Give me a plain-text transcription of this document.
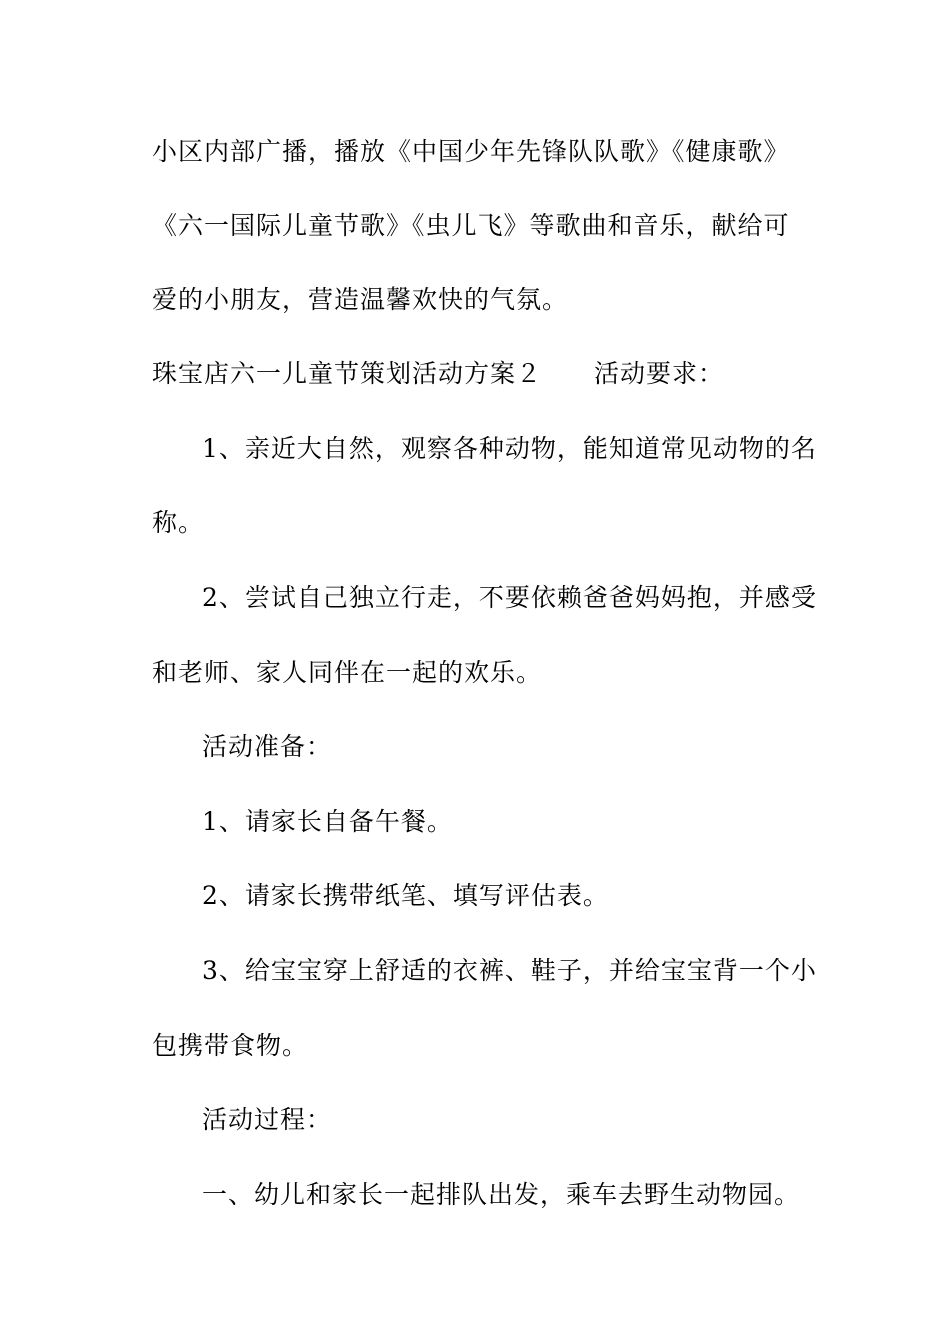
小区内部广播，播放《中国少年先锋队队歌》《健康歌》
《六一国际儿童节歌》《虫儿飞》等歌曲和音乐，献给可
爱的小朋友，营造温馨欢快的气氛。
珠宝店六一儿童节策划活动方案２ 活动要求：
1、亲近大自然，观察各种动物，能知道常见动物的名
称。
2、尝试自己独立行走，不要依赖爸爸妈妈抱，并感受
和老师、家人同伴在一起的欢乐。
活动准备：
1、请家长自备午餐。
2、请家长携带纸笔、填写评估表。
3、给宝宝穿上舒适的衣裤、鞋子，并给宝宝背一个小
包携带食物。
活动过程：
一、幼儿和家长一起排队出发，乘车去野生动物园。
